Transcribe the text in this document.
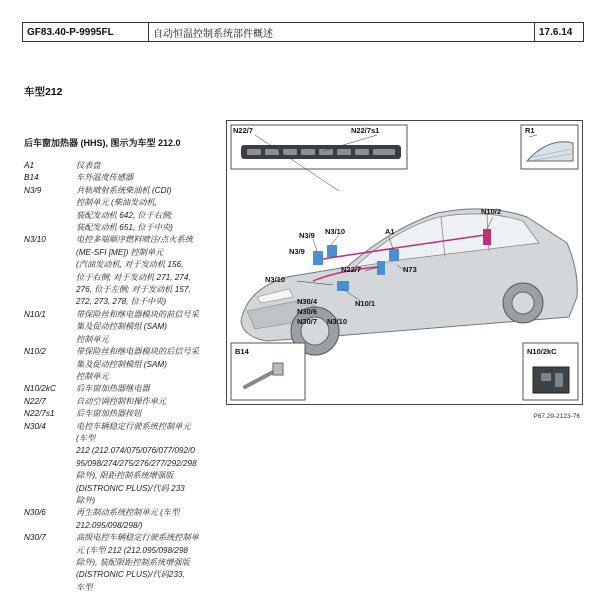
GF83.40-P-9995FL	自动恒温控制系统部件概述	17.6.14
车型212
后车窗加热器 (HHS), 图示为车型 212.0
A1	仪表盘
B14	车外温度传感器
N3/9	共轨喷射系统柴油机 (CDI)
控制单元 (柴油发动机,
装配发动机 642, 位于右侧;
装配发动机 651, 位于中央)
N3/10	电控多端顺序燃料喷注/点火系统
(ME-SFI [ME]) 控制单元
(汽油发动机, 对于发动机 156,
位于右侧; 对于发动机 271, 274,
276, 位于左侧; 对于发动机 157,
272, 273, 278, 位于中央)
N10/1	带保险丝和继电器模块的前信号采
集及促动控制模组 (SAM)
控制单元
N10/2	带保险丝和继电器模块的后信号采
集及促动控制模组 (SAM)
控制单元
N10/2kC	后车窗加热器继电器
N22/7	自动空调控制和操作单元
N22/7s1	后车窗加热器按钮
N30/4	电控车辆稳定行驶系统控制单元
(车型
212 (212.074/075/076/077/092/0
95/098/274/275/276/277/292/298
除外), 限距控制系统增强版
(DISTRONIC PLUS)/代码 233
除外)
N30/6	再生制动系统控制单元 (车型
212.095/098/298/)
N30/7	高级电控车辆稳定行驶系统控制单
元 (车型 212 (212.095/098/298
除外), 装配限距控制系统增强版
(DISTRONIC PLUS)/代码233,
车型
N22/7	N22/7s1	R1
N10/2
N3/9 N3/10	A1
N3/9
N22/7	N73
N3/10
N30/4
N30/6
N30/7
N10/1
N3/10
B14	N10/2kC
P67.29-2123-76
